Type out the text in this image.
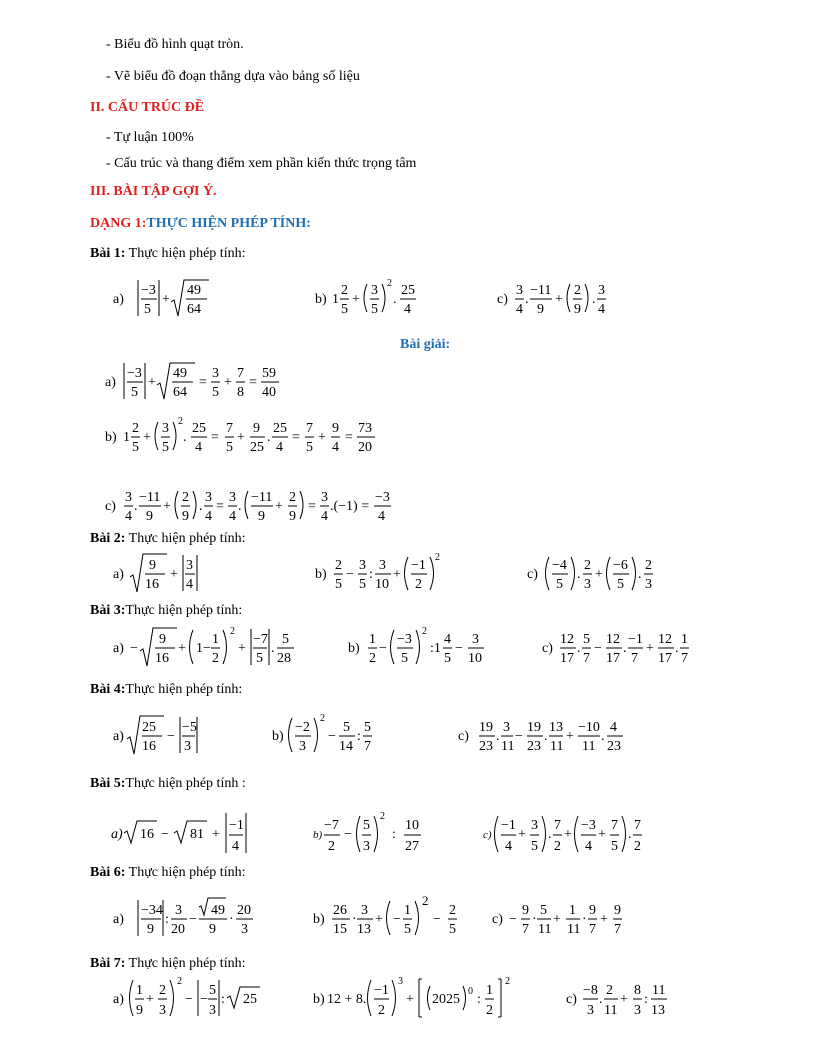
- Biểu đồ hình quạt tròn.
- Vẽ biểu đồ đoạn thẳng dựa vào bảng số liệu
II. CẤU TRÚC ĐỀ
- Tự luận 100%
- Cấu trúc và thang điểm xem phần kiến thức trọng tâm
III. BÀI TẬP GỢI Ý.
DẠNG 1:THỰC HIỆN PHÉP TÍNH:
Bài 1: Thực hiện phép tính:
a)
−3
5
+
49
64
b) 1
2
5
+
3
5
2
.
25
4
c)
3
4
.
−11
9
+
2
9
.
3
4
Bài giải:
a)
−3
5
+
49
64
=
3
5
+
7
8
=
59
40
b) 1
2
5
+
3
5
2
.
25
4
=
7
5
+
9
25
.
25
4
=
7
5
+
9
4
=
73
20
c)
3
4
.
−11
9
+
2
9
.
3
4
=
3
4
.
−11
9
+
2
9
=
3
4
.(−1) =
−3
4
Bài 2: Thực hiện phép tính:
a)
9
16
+
3
4
b)
2
5
−
3
5
:
3
10
+
−1
2
2
c)
−4
5
.
2
3
+
−6
5
.
2
3
Bài 3:Thực hiện phép tính:
a) −
9
16
+ 1−
1
2
2
+
−7
5
.
5
28
b)
1
2
−
−3
5
2
:1
4
5
−
3
10
c)
12
17
.
5
7
−
12
17
.
−1
7
+
12
17
.
1
7
Bài 4:Thực hiện phép tính:
a)
25
16
−
−5
3
b)
−2
3
2
−
5
14
:
5
7
c)
19
23
.
3
11
−
19
23
.
13
11
+
−10
11
.
4
23
Bài 5:Thực hiện phép tính :
a) 16 − 81 +
−1
4
b)
−7
2
−
5
3
2
:
10
27
c)
−1
4
+
3
5
.
7
2
+
−3
4
+
7
5
.
7
2
Bài 6: Thực hiện phép tính:
a)
−34
9
:
3
20
−
49
9
·
20
3
b)
26
15
·
3
13
+ −
1
5
2
−
2
5
c) −
9
7
·
5
11
+
1
11
·
9
7
+
9
7
Bài 7: Thực hiện phép tính:
a)
1
9
+
2
3
2
− −
5
3
: 25	b) 12 + 8.
−1
2
3
+ 2025
0
:
1
2
2
c)
−8
3
.
2
11
+
8
3
:
11
13
